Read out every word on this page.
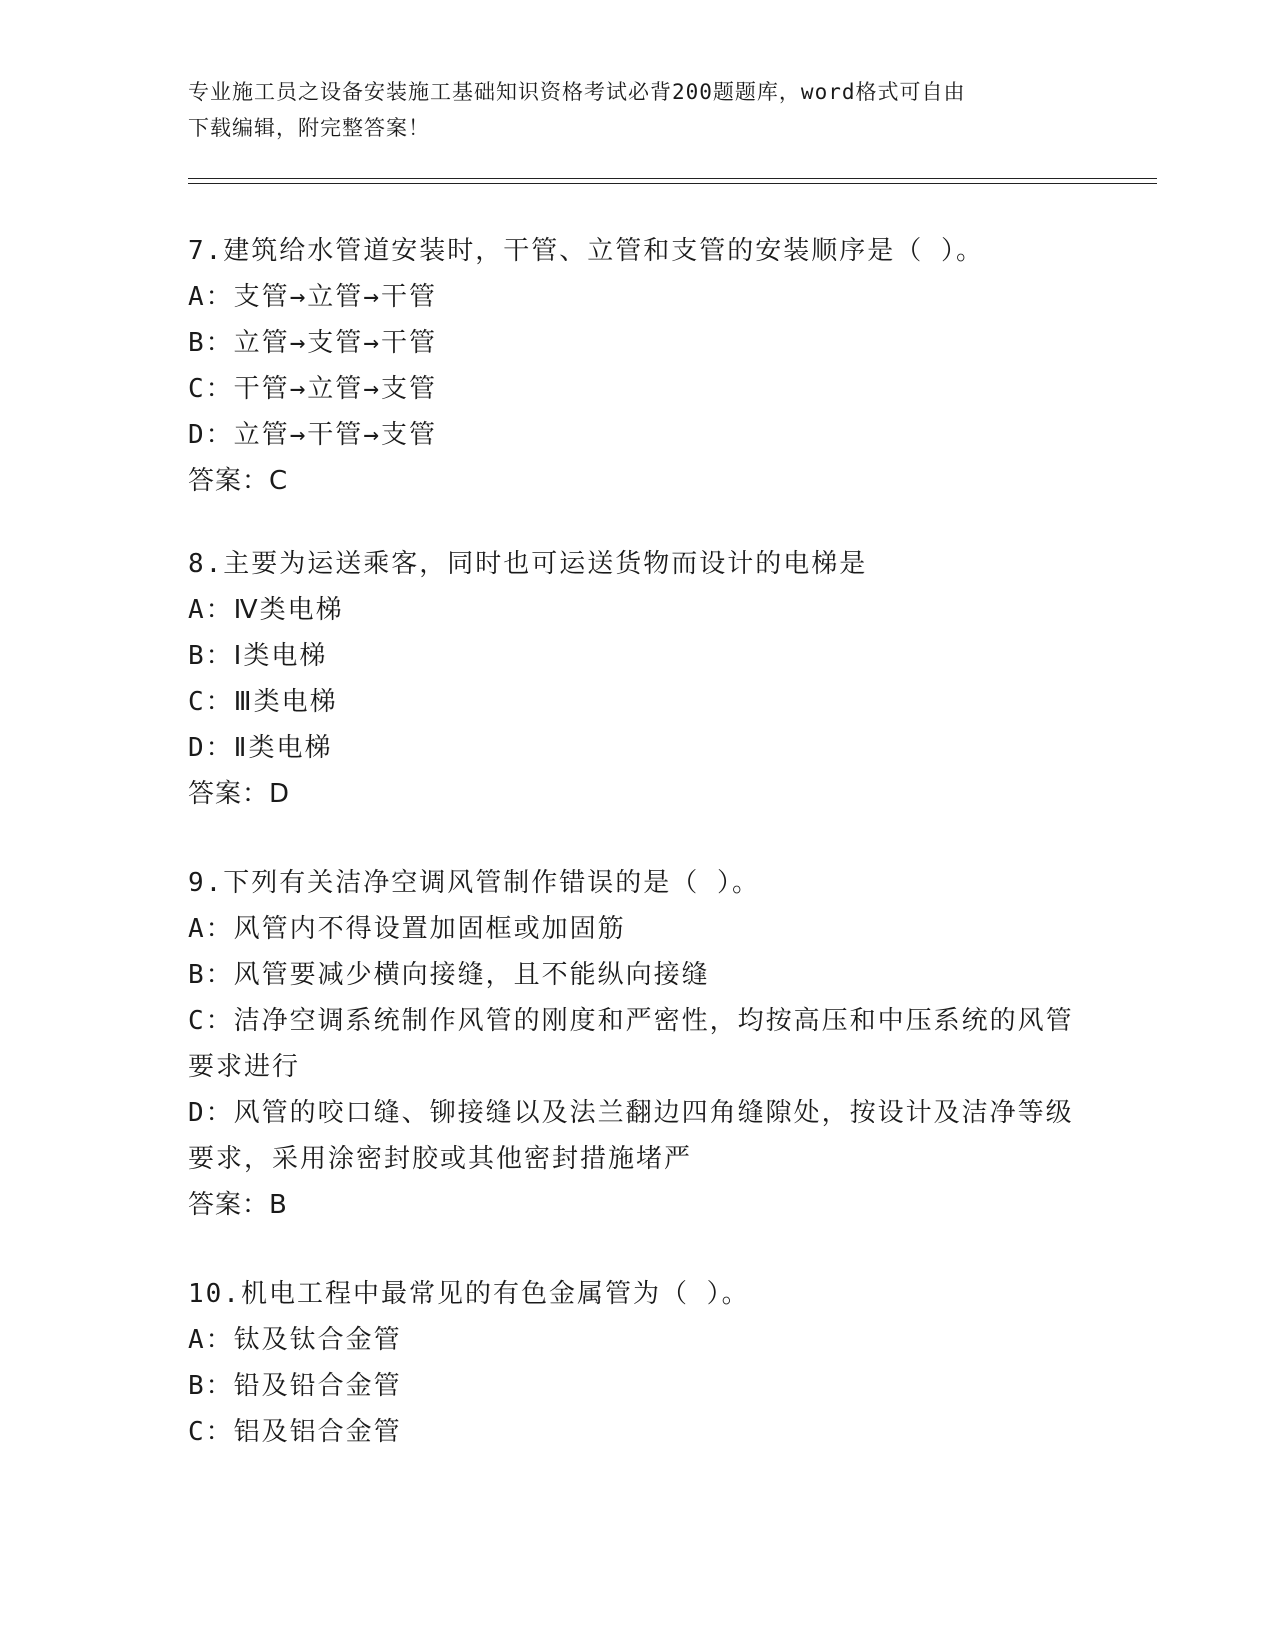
专业施工员之设备安装施工基础知识资格考试必背200题题库，word格式可自由
下载编辑，附完整答案！
7.建筑给水管道安装时，干管、立管和支管的安装顺序是（ ）。
A：支管→立管→干管
B：立管→支管→干管
C：干管→立管→支管
D：立管→干管→支管
答案：C
8.主要为运送乘客，同时也可运送货物而设计的电梯是
A：Ⅳ类电梯
B：Ⅰ类电梯
C：Ⅲ类电梯
D：Ⅱ类电梯
答案：D
9.下列有关洁净空调风管制作错误的是（ ）。
A：风管内不得设置加固框或加固筋
B：风管要减少横向接缝，且不能纵向接缝
C：洁净空调系统制作风管的刚度和严密性，均按高压和中压系统的风管要求进行
D：风管的咬口缝、铆接缝以及法兰翻边四角缝隙处，按设计及洁净等级要求，采用涂密封胶或其他密封措施堵严
答案：B
10.机电工程中最常见的有色金属管为（ ）。
A：钛及钛合金管
B：铅及铅合金管
C：铝及铝合金管
